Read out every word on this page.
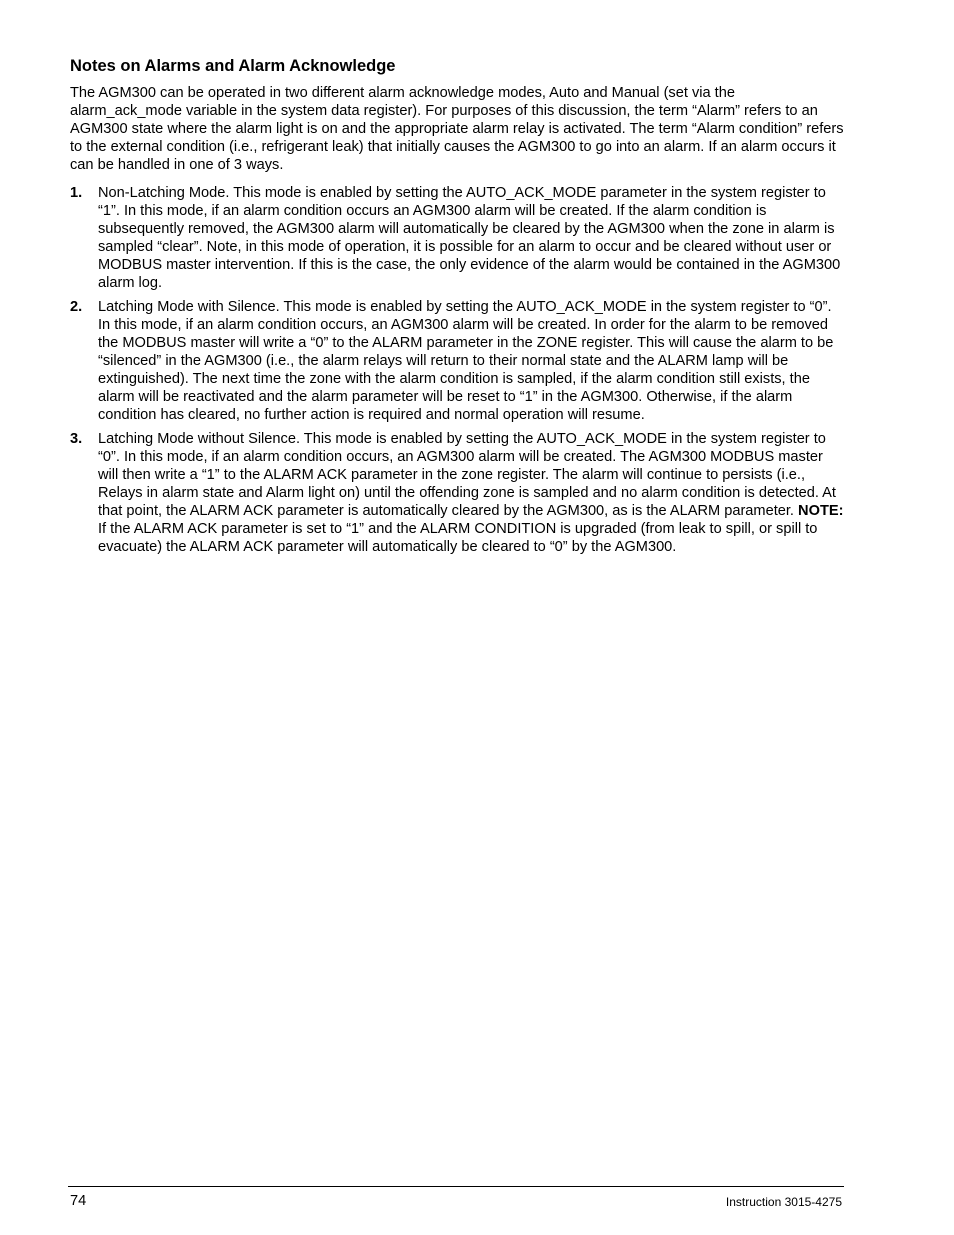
Notes on Alarms and Alarm Acknowledge

The AGM300 can be operated in two different alarm acknowledge modes, Auto and Manual (set via the alarm_ack_mode variable in the system data register). For purposes of this discussion, the term “Alarm” refers to an AGM300 state where the alarm light is on and the appropriate alarm relay is activated. The term “Alarm condition” refers to the external condition (i.e., refrigerant leak) that initially causes the AGM300 to go into an alarm. If an alarm occurs it can be handled in one of 3 ways.

1.	Non-Latching Mode. This mode is enabled by setting the AUTO_ACK_MODE parameter in the system register to “1”. In this mode, if an alarm condition occurs an AGM300 alarm will be created. If the alarm condition is subsequently removed, the AGM300 alarm will automatically be cleared by the AGM300 when the zone in alarm is sampled “clear”. Note, in this mode of operation, it is possible for an alarm to occur and be cleared without user or MODBUS master intervention. If this is the case, the only evidence of the alarm would be contained in the AGM300 alarm log.
2.	Latching Mode with Silence. This mode is enabled by setting the AUTO_ACK_MODE in the system register to “0”. In this mode, if an alarm condition occurs, an AGM300 alarm will be created. In order for the alarm to be removed the MODBUS master will write a “0” to the ALARM parameter in the ZONE register. This will cause the alarm to be “silenced” in the AGM300 (i.e., the alarm relays will return to their normal state and the ALARM lamp will be extinguished). The next time the zone with the alarm condition is sampled, if the alarm condition still exists, the alarm will be reactivated and the alarm parameter will be reset to “1” in the AGM300. Otherwise, if the alarm condition has cleared, no further action is required and normal operation will resume.
3.	Latching Mode without Silence. This mode is enabled by setting the AUTO_ACK_MODE in the system register to “0”. In this mode, if an alarm condition occurs, an AGM300 alarm will be created. The AGM300 MODBUS master will then write a “1” to the ALARM ACK parameter in the zone register. The alarm will continue to persists (i.e., Relays in alarm state and Alarm light on) until the offending zone is sampled and no alarm condition is detected. At that point, the ALARM ACK parameter is automatically cleared by the AGM300, as is the ALARM parameter. NOTE: If the ALARM ACK parameter is set to “1” and the ALARM CONDITION is upgraded (from leak to spill, or spill to evacuate) the ALARM ACK parameter will automatically be cleared to “0” by the AGM300.
74	Instruction 3015-4275
